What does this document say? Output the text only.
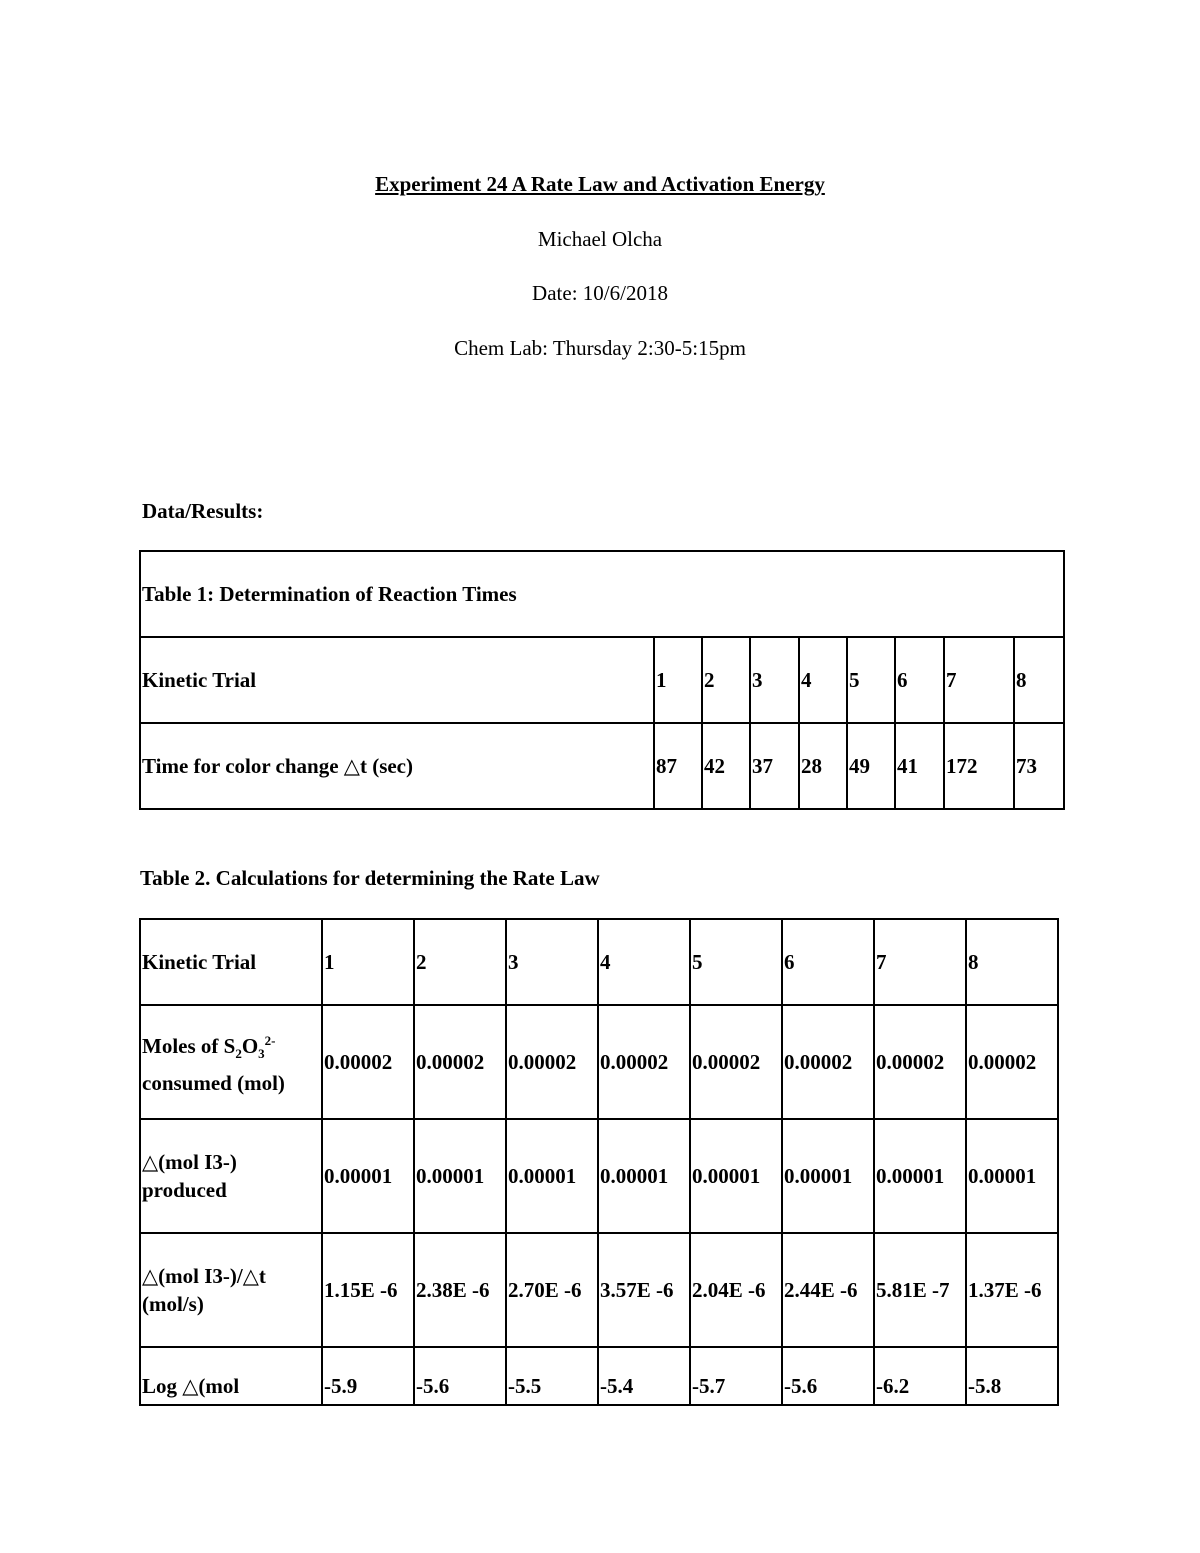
Experiment 24 A Rate Law and Activation Energy
Michael Olcha
Date: 10/6/2018
Chem Lab: Thursday 2:30-5:15pm
Data/Results:
Table 1: Determination of Reaction Times								
Kinetic Trial	1	2	3	4	5	6	7	8
Time for color change △t (sec)	87	42	37	28	49	41	172	73
Table 2. Calculations for determining the Rate Law
Kinetic Trial	1	2	3	4	5	6	7	8
Moles of $S_2O_3^{2-}$
consumed (mol)	0.00002	0.00002	0.00002	0.00002	0.00002	0.00002	0.00002	0.00002
△(mol I3-) produced	0.00001	0.00001	0.00001	0.00001	0.00001	0.00001	0.00001	0.00001
△(mol I3-)/△t (mol/s)	1.15E -6	2.38E -6	2.70E -6	3.57E -6	2.04E -6	2.44E -6	5.81E -7	1.37E -6
Log △(mol	-5.9	-5.6	-5.5	-5.4	-5.7	-5.6	-6.2	-5.8
